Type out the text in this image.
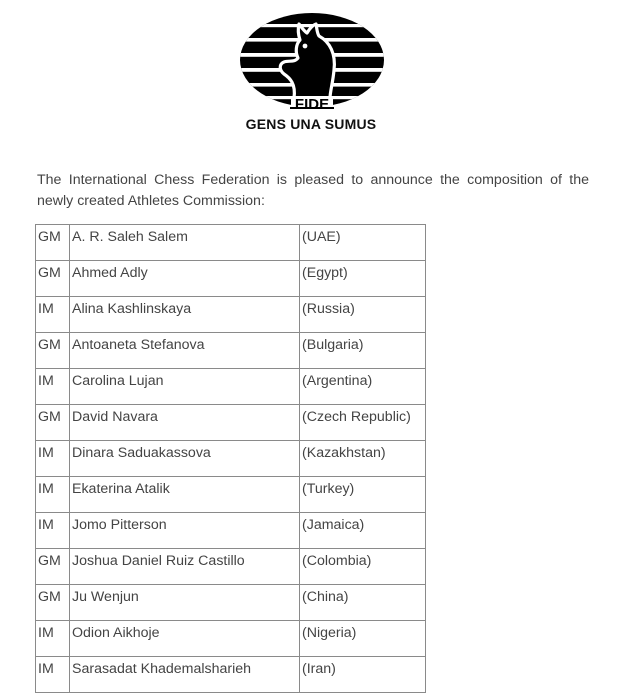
FIDE
GENS UNA SUMUS

The International Chess Federation is pleased to announce the composition of the newly created Athletes Commission:

GM	A. R. Saleh Salem	(UAE)
GM	Ahmed Adly	(Egypt)
IM	Alina Kashlinskaya	(Russia)
GM	Antoaneta Stefanova	(Bulgaria)
IM	Carolina Lujan	(Argentina)
GM	David Navara	(Czech Republic)
IM	Dinara Saduakassova	(Kazakhstan)
IM	Ekaterina Atalik	(Turkey)
IM	Jomo Pitterson	(Jamaica)
GM	Joshua Daniel Ruiz Castillo	(Colombia)
GM	Ju Wenjun	(China)
IM	Odion Aikhoje	(Nigeria)
IM	Sarasadat Khademalsharieh	(Iran)
